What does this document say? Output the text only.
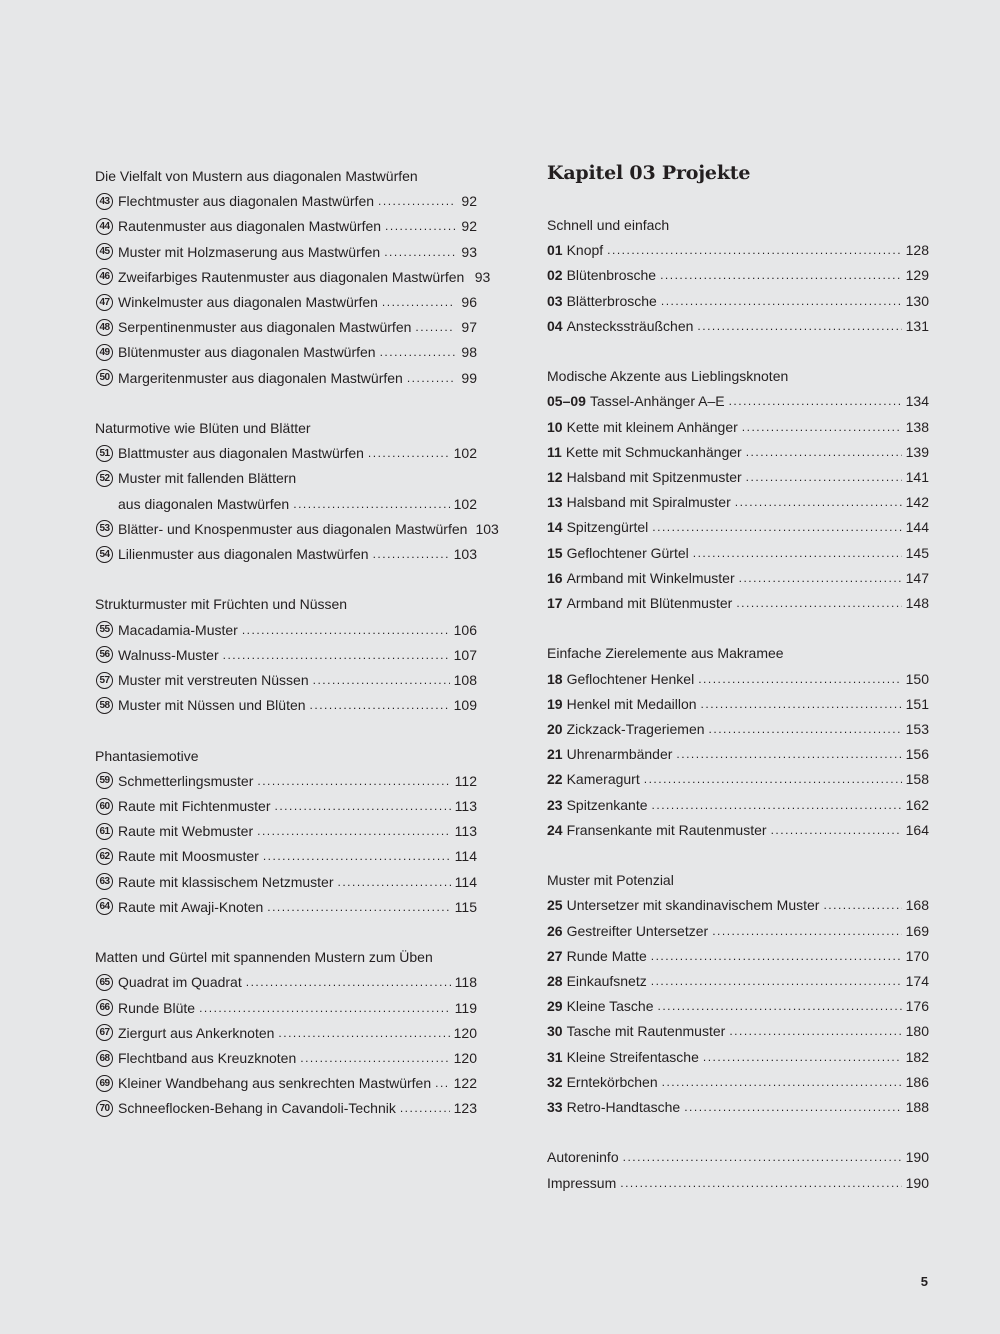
Die Vielfalt von Mustern aus diagonalen Mastwürfen
43 Flechtmuster aus diagonalen Mastwürfen .....	92
44 Rautenmuster aus diagonalen Mastwürfen .....	92
45 Muster mit Holzmaserung aus Mastwürfen .....	93
46 Zweifarbiges Rautenmuster aus diagonalen Mastwürfen 93
47 Winkelmuster aus diagonalen Mastwürfen .....	96
48 Serpentinenmuster aus diagonalen Mastwürfen .....	97
49 Blütenmuster aus diagonalen Mastwürfen .....	98
50 Margeritenmuster aus diagonalen Mastwürfen .....	99
Naturmotive wie Blüten und Blätter
51 Blattmuster aus diagonalen Mastwürfen .....	102
52 Muster mit fallenden Blättern
aus diagonalen Mastwürfen .....	102
53 Blätter- und Knospenmuster aus diagonalen Mastwürfen 103
54 Lilienmuster aus diagonalen Mastwürfen .....	103
Strukturmuster mit Früchten und Nüssen
55 Macadamia-Muster .....	106
56 Walnuss-Muster .....	107
57 Muster mit verstreuten Nüssen .....	108
58 Muster mit Nüssen und Blüten .....	109
Phantasiemotive
59 Schmetterlingsmuster .....	112
60 Raute mit Fichtenmuster .....	113
61 Raute mit Webmuster .....	113
62 Raute mit Moosmuster .....	114
63 Raute mit klassischem Netzmuster .....	114
64 Raute mit Awaji-Knoten .....	115
Matten und Gürtel mit spannenden Mustern zum Üben
65 Quadrat im Quadrat .....	118
66 Runde Blüte .....	119
67 Ziergurt aus Ankerknoten .....	120
68 Flechtband aus Kreuzknoten .....	120
69 Kleiner Wandbehang aus senkrechten Mastwürfen ..... 122
70 Schneeflocken-Behang in Cavandoli-Technik .....	123
Kapitel 03 Projekte
Schnell und einfach
01 Knopf .....	128
02 Blütenbrosche .....	129
03 Blätterbrosche .....	130
04 Ansteckssträußchen .....	131
Modische Akzente aus Lieblingsknoten
05–09 Tassel-Anhänger A–E .....	134
10 Kette mit kleinem Anhänger .....	138
11 Kette mit Schmuckanhänger .....	139
12 Halsband mit Spitzenmuster .....	141
13 Halsband mit Spiralmuster .....	142
14 Spitzengürtel .....	144
15 Geflochtener Gürtel .....	145
16 Armband mit Winkelmuster .....	147
17 Armband mit Blütenmuster .....	148
Einfache Zierelemente aus Makramee
18 Geflochtener Henkel .....	150
19 Henkel mit Medaillon .....	151
20 Zickzack-Trageriemen .....	153
21 Uhrenarmbänder .....	156
22 Kameragurt .....	158
23 Spitzenkante .....	162
24 Fransenkante mit Rautenmuster .....	164
Muster mit Potenzial
25 Untersetzer mit skandinavischem Muster .....	168
26 Gestreifter Untersetzer .....	169
27 Runde Matte .....	170
28 Einkaufsnetz .....	174
29 Kleine Tasche .....	176
30 Tasche mit Rautenmuster .....	180
31 Kleine Streifentasche .....	182
32 Erntekörbchen .....	186
33 Retro-Handtasche .....	188
Autoreninfo .....	190
Impressum .....	190
5
